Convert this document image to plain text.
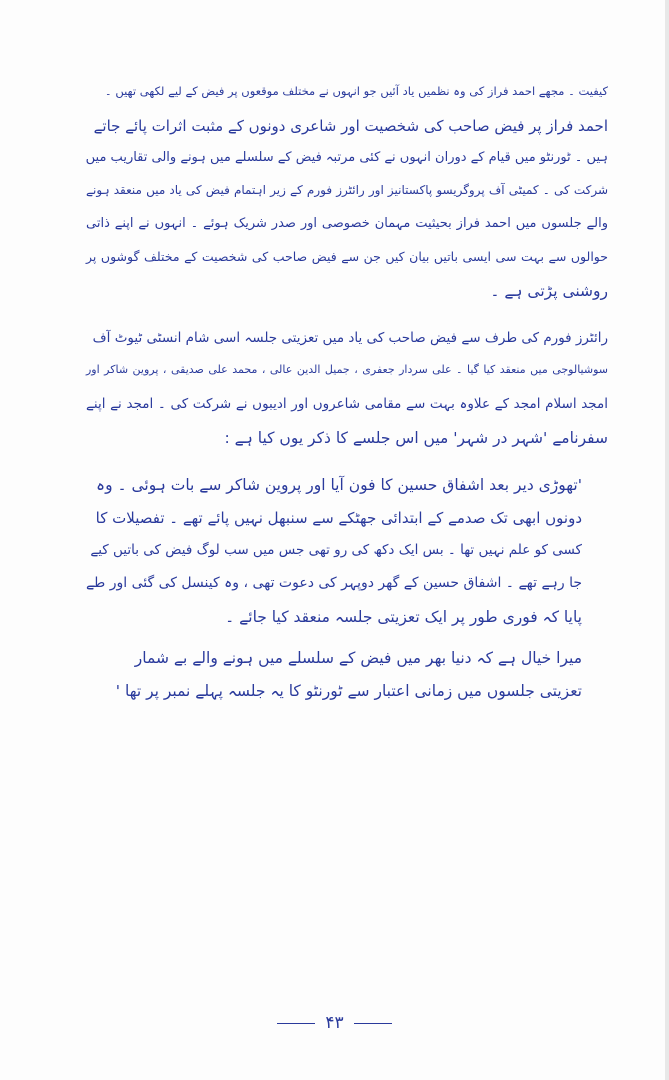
کیفیت ۔ مجھے احمد فراز کی وہ نظمیں یاد آئیں جو انہوں نے مختلف موقعوں پر فیض کے لیے لکھی تھیں ۔
احمد فراز پر فیض صاحب کی شخصیت اور شاعری دونوں کے مثبت اثرات پائے جاتے
ہیں ۔ ٹورنٹو میں قیام کے دوران انہوں نے کئی مرتبہ فیض کے سلسلے میں ہونے والی تقاریب میں
شرکت کی ۔ کمیٹی آف پروگریسو پاکستانیز اور رائٹرز فورم کے زیر اہتمام فیض کی یاد میں منعقد ہونے
والے جلسوں میں احمد فراز بحیثیت مہمان خصوصی اور صدر شریک ہوئے ۔ انہوں نے اپنے ذاتی
حوالوں سے بہت سی ایسی باتیں بیان کیں جن سے فیض صاحب کی شخصیت کے مختلف گوشوں پر
روشنی پڑتی ہے ۔
رائٹرز فورم کی طرف سے فیض صاحب کی یاد میں تعزیتی جلسہ اسی شام انسٹی ٹیوٹ آف
سوشیالوجی میں منعقد کیا گیا ۔ علی سردار جعفری ، جمیل الدین عالی ، محمد علی صدیقی ، پروین شاکر اور
امجد اسلام امجد کے علاوہ بہت سے مقامی شاعروں اور ادیبوں نے شرکت کی ۔ امجد نے اپنے
سفرنامے 'شہر در شہر' میں اس جلسے کا ذکر یوں کیا ہے :
'تھوڑی دیر بعد اشفاق حسین کا فون آیا اور پروین شاکر سے بات ہوئی ۔ وہ
دونوں ابھی تک صدمے کے ابتدائی جھٹکے سے سنبھل نہیں پائے تھے ۔ تفصیلات کا
کسی کو علم نہیں تھا ۔ بس ایک دکھ کی رو تھی جس میں سب لوگ فیض کی باتیں کیے
جا رہے تھے ۔ اشفاق حسین کے گھر دوپہر کی دعوت تھی ، وہ کینسل کی گئی اور طے
پایا کہ فوری طور پر ایک تعزیتی جلسہ منعقد کیا جائے ۔
میرا خیال ہے کہ دنیا بھر میں فیض کے سلسلے میں ہونے والے بے شمار
تعزیتی جلسوں میں زمانی اعتبار سے ٹورنٹو کا یہ جلسہ پہلے نمبر پر تھا '
۴۳
